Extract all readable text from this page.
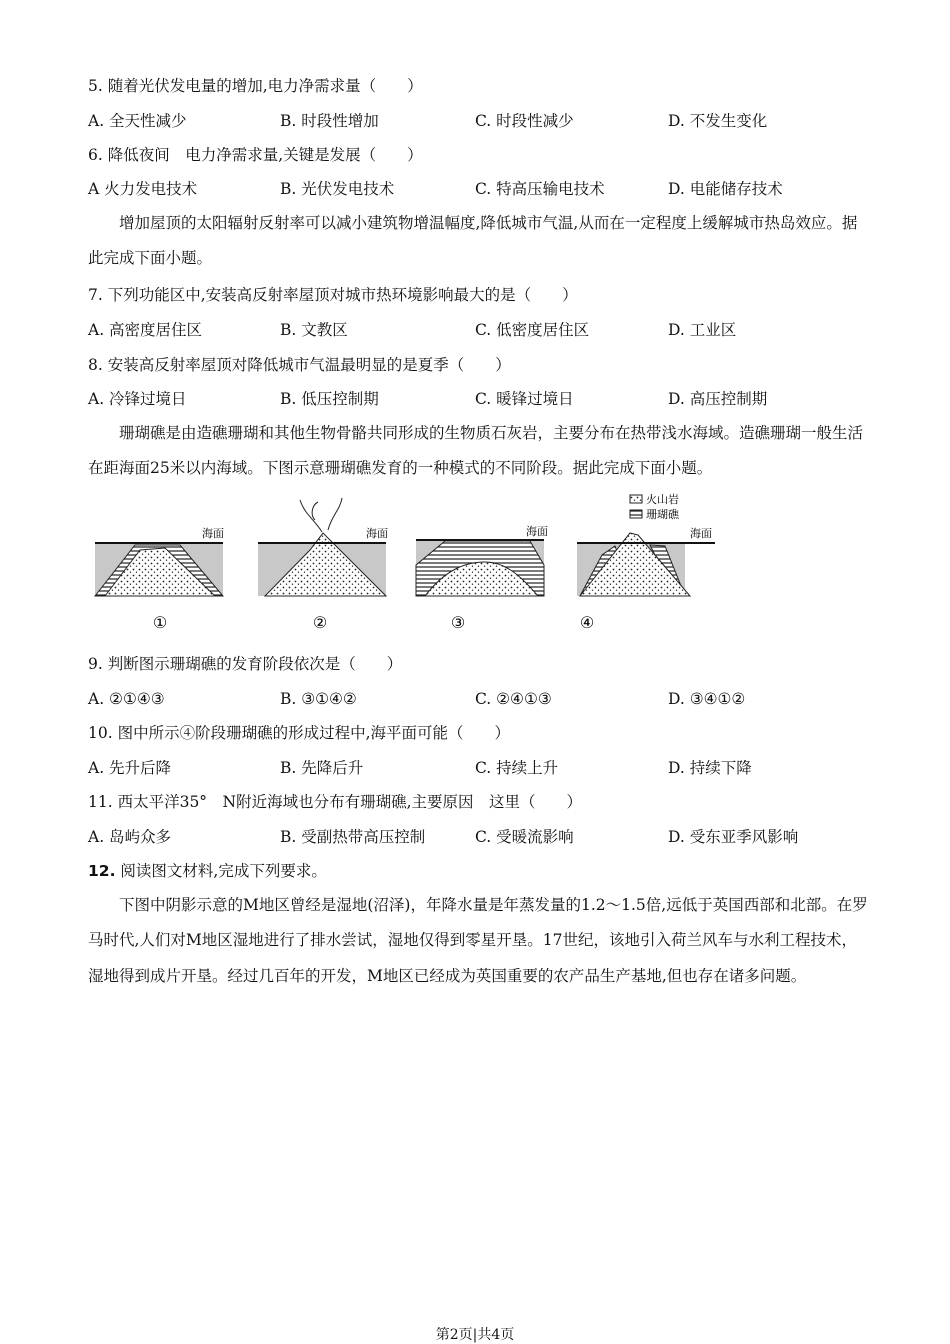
5. 随着光伏发电量的增加,电力净需求量（　　）
A. 全天性减少	B. 时段性增加	C. 时段性减少	D. 不发生变化
6. 降低夜间　电力净需求量,关键是发展（　　）
A 火力发电技术	B. 光伏发电技术	C. 特高压输电技术	D. 电能储存技术
增加屋顶的太阳辐射反射率可以减小建筑物增温幅度,降低城市气温,从而在一定程度上缓解城市热岛效应。据此完成下面小题。
7. 下列功能区中,安装高反射率屋顶对城市热环境影响最大的是（　　）
A. 高密度居住区	B. 文教区	C. 低密度居住区	D. 工业区
8. 安装高反射率屋顶对降低城市气温最明显的是夏季（　　）
A. 冷锋过境日	B. 低压控制期	C. 暖锋过境日	D. 高压控制期
珊瑚礁是由造礁珊瑚和其他生物骨骼共同形成的生物质石灰岩，主要分布在热带浅水海域。造礁珊瑚一般生活在距海面25米以内海域。下图示意珊瑚礁发育的一种模式的不同阶段。据此完成下面小题。
海面
①
海面
②
海面
③
海面
④
火山岩
珊瑚礁
9. 判断图示珊瑚礁的发育阶段依次是（　　）
A. ②①④③	B. ③①④②	C. ②④①③	D. ③④①②
10. 图中所示④阶段珊瑚礁的形成过程中,海平面可能（　　）
A. 先升后降	B. 先降后升	C. 持续上升	D. 持续下降
11. 西太平洋35°　N附近海域也分布有珊瑚礁,主要原因　这里（　　）
A. 岛屿众多	B. 受副热带高压控制	C. 受暖流影响	D. 受东亚季风影响
12. 阅读图文材料,完成下列要求。
下图中阴影示意的M地区曾经是湿地(沼泽)，年降水量是年蒸发量的1.2～1.5倍,远低于英国西部和北部。在罗马时代,人们对M地区湿地进行了排水尝试，湿地仅得到零星开垦。17世纪，该地引入荷兰风车与水利工程技术，湿地得到成片开垦。经过几百年的开发，M地区已经成为英国重要的农产品生产基地,但也存在诸多问题。
第2页|共4页
